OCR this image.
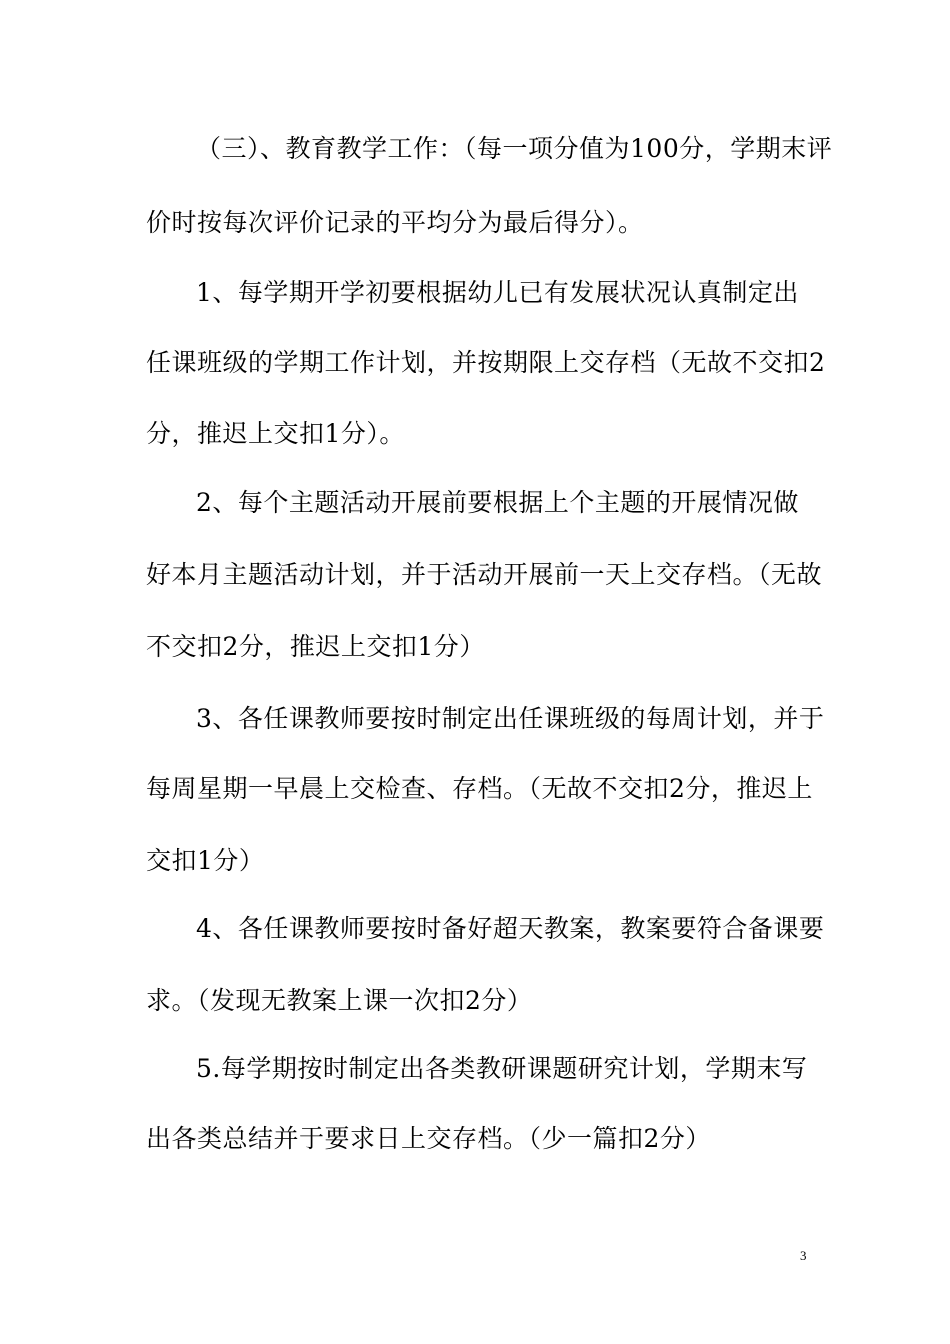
（三）、教育教学工作：（每一项分值为100分，学期末评
价时按每次评价记录的平均分为最后得分）。
1、每学期开学初要根据幼儿已有发展状况认真制定出
任课班级的学期工作计划，并按期限上交存档（无故不交扣2
分，推迟上交扣1分）。
2、每个主题活动开展前要根据上个主题的开展情况做
好本月主题活动计划，并于活动开展前一天上交存档。（无故
不交扣2分，推迟上交扣1分）
3、各任课教师要按时制定出任课班级的每周计划，并于
每周星期一早晨上交检查、存档。（无故不交扣2分，推迟上
交扣1分）
4、各任课教师要按时备好超天教案，教案要符合备课要
求。（发现无教案上课一次扣2分）
5.每学期按时制定出各类教研课题研究计划，学期末写
出各类总结并于要求日上交存档。（少一篇扣2分）
3
